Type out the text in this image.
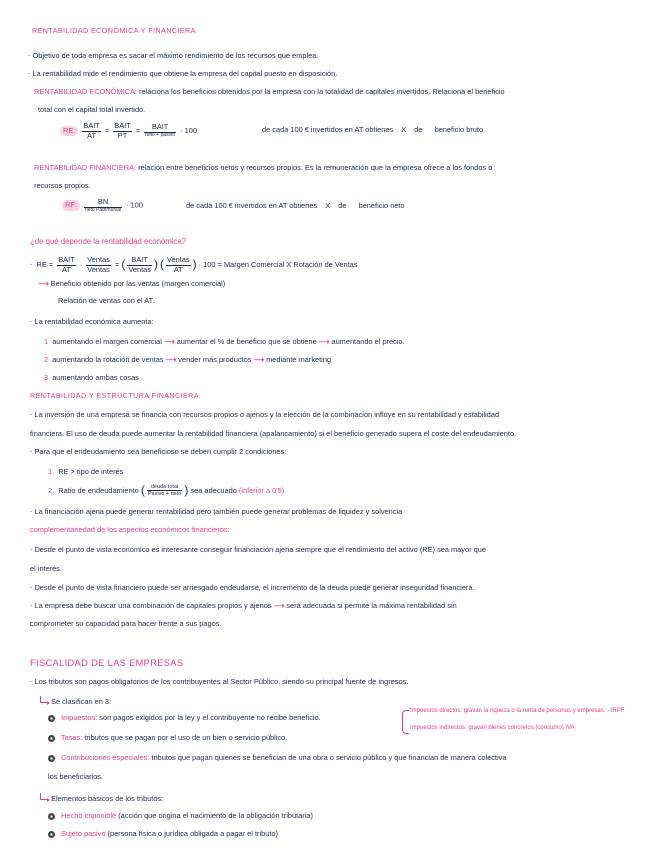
RENTABILIDAD ECONÓMICA Y FINANCIERA
· Objetivo de toda empresa es sacar el máximo rendimiento de los recursos que emplea.
· La rentabilidad mide el rendimiento que obtiene la empresa del capital puesto en disposición.
RENTABILIDAD ECONÓMICA: relaciona los beneficios obtenidos por la empresa con la totalidad de capitales invertidos. Relaciona el beneficio
total con el capital total invertido.
RE: $\frac{\text{BAIT}}{AT} = \frac{\text{BAIT}}{PT} = \frac{\text{BAIT}}{\text{neto + pasivo}} \cdot 100$	de cada 100 € invertidos en AT obtienes X de beneficio bruto
RENTABILIDAD FINANCIERA: relación entre beneficios netos y recursos propios. Es la remuneración que la empresa ofrece a los fondos o
recursos propios.
RF: $\frac{BN}{\text{neto Patrimonial}} \cdot 100$	de cada 100 € invertidos en AT obtienes X de beneficio neto
¿de qué depende la rentabilidad económica?
· RE = $\frac{\text{BAIT}}{AT} \cdot \frac{\text{Ventas}}{\text{Ventas}}$ = ( $\frac{\text{BAIT}}{\text{Ventas}}$ ) ( $\frac{\text{Ventas}}{AT}$ ) · 100 = Margen Comercial X Rotación de Ventas
⟶ Beneficio obtenido por las ventas (margen comercial)
Relación de ventas con el AT.
· La rentabilidad económica aumenta:
1 aumentando el margen comercial ⟶ aumentar el % de beneficio que se obtiene ⟶ aumentando el precio.
2 aumentando la rotación de ventas ⟶ vender más productos ⟶ mediante marketing
3 aumentando ambas cosas
RENTABILIDAD Y ESTRUCTURA FINANCIERA
· La inversión de una empresa se financia con recursos propios o ajenos y la elección de la combinación influye en su rentabilidad y estabilidad
financiera. El uso de deuda puede aumentar la rentabilidad financiera (apalancamiento) si el beneficio generado supera el coste del endeudamiento.
· Para que el endeudamiento sea beneficioso se deben cumplir 2 condiciones:
1. RE > tipo de interés
2. Ratio de endeudamiento ( $\frac{\text{deuda total}}{\text{Pasivo + neto}}$ ) sea adecuado (inferior a 0'5)
· La financiación ajena puede generar rentabilidad pero también puede generar problemas de liquidez y solvencia
complementariedad de los aspectos económicos financieros:
· Desde el punto de vista económico es interesante conseguir financiación ajena siempre que el rendimiento del activo (RE) sea mayor que
el interés.
· Desde el punto de vista financiero puede ser arriesgado endeudarse, el incremento de la deuda puede generar inseguridad financiera.
· La empresa debe buscar una combinación de capitales propios y ajenos ⟶ será adecuada si permite la máxima rentabilidad sin
comprometer su capacidad para hacer frente a sus pagos.
FISCALIDAD DE LAS EMPRESAS
· Los tributos son pagos obligatorios de los contribuyentes al Sector Público, siendo su principal fuente de ingresos.
Se clasifican en 3:
Impuestos: son pagos exigidos por la ley y el contribuyente no recibe beneficio.
Impuestos directos: gravan la riqueza o la renta de personas y empresas. - IRPF
Impuestos indirectos: gravan bienes concretos (consumo) IVA
Tasas: tributos que se pagan por el uso de un bien o servicio público.
Contribuciones especiales: tributos que pagan quienes se benefician de una obra o servicio público y que financian de manera colectiva
los beneficiarios.
Elementos básicos de los tributos:
Hecho imponible (acción que origina el nacimiento de la obligación tributaria)
Sujeto pasivo (persona física o jurídica obligada a pagar el tributo)
